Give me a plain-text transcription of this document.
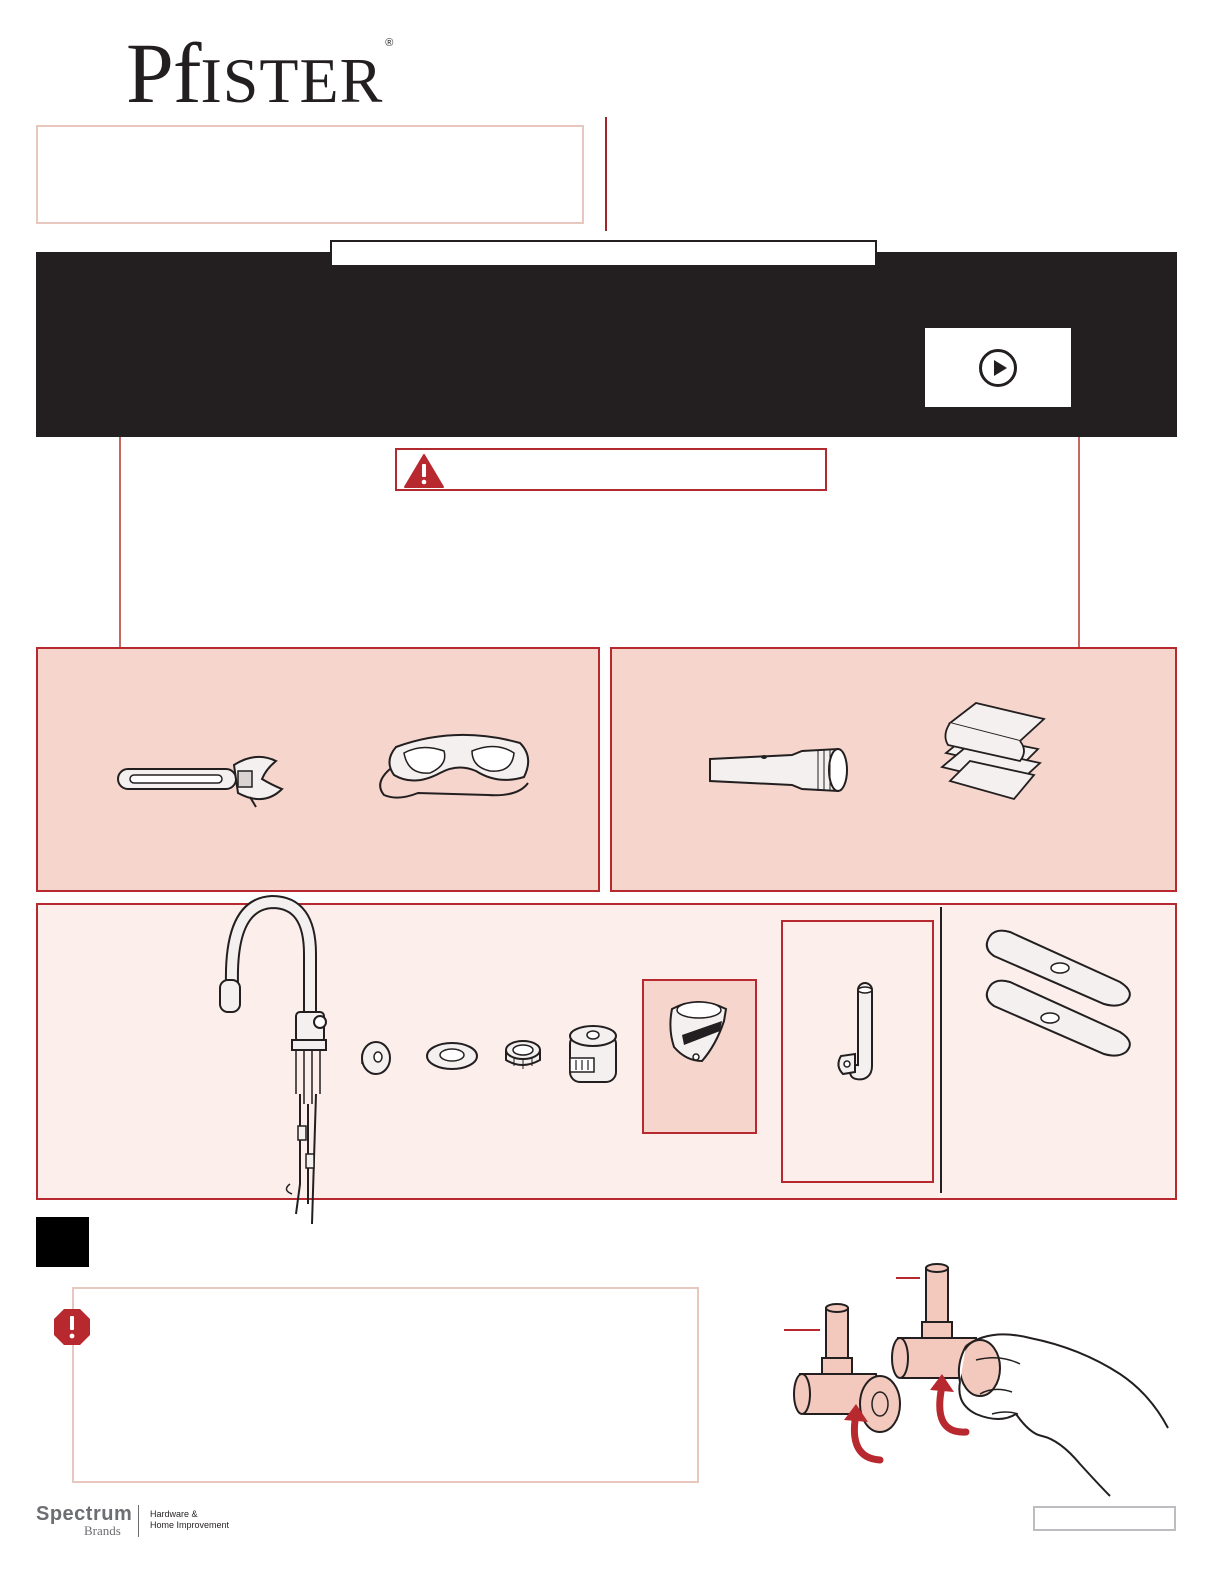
PfISTER®
Spectrum
Brands
Hardware &
Home Improvement
